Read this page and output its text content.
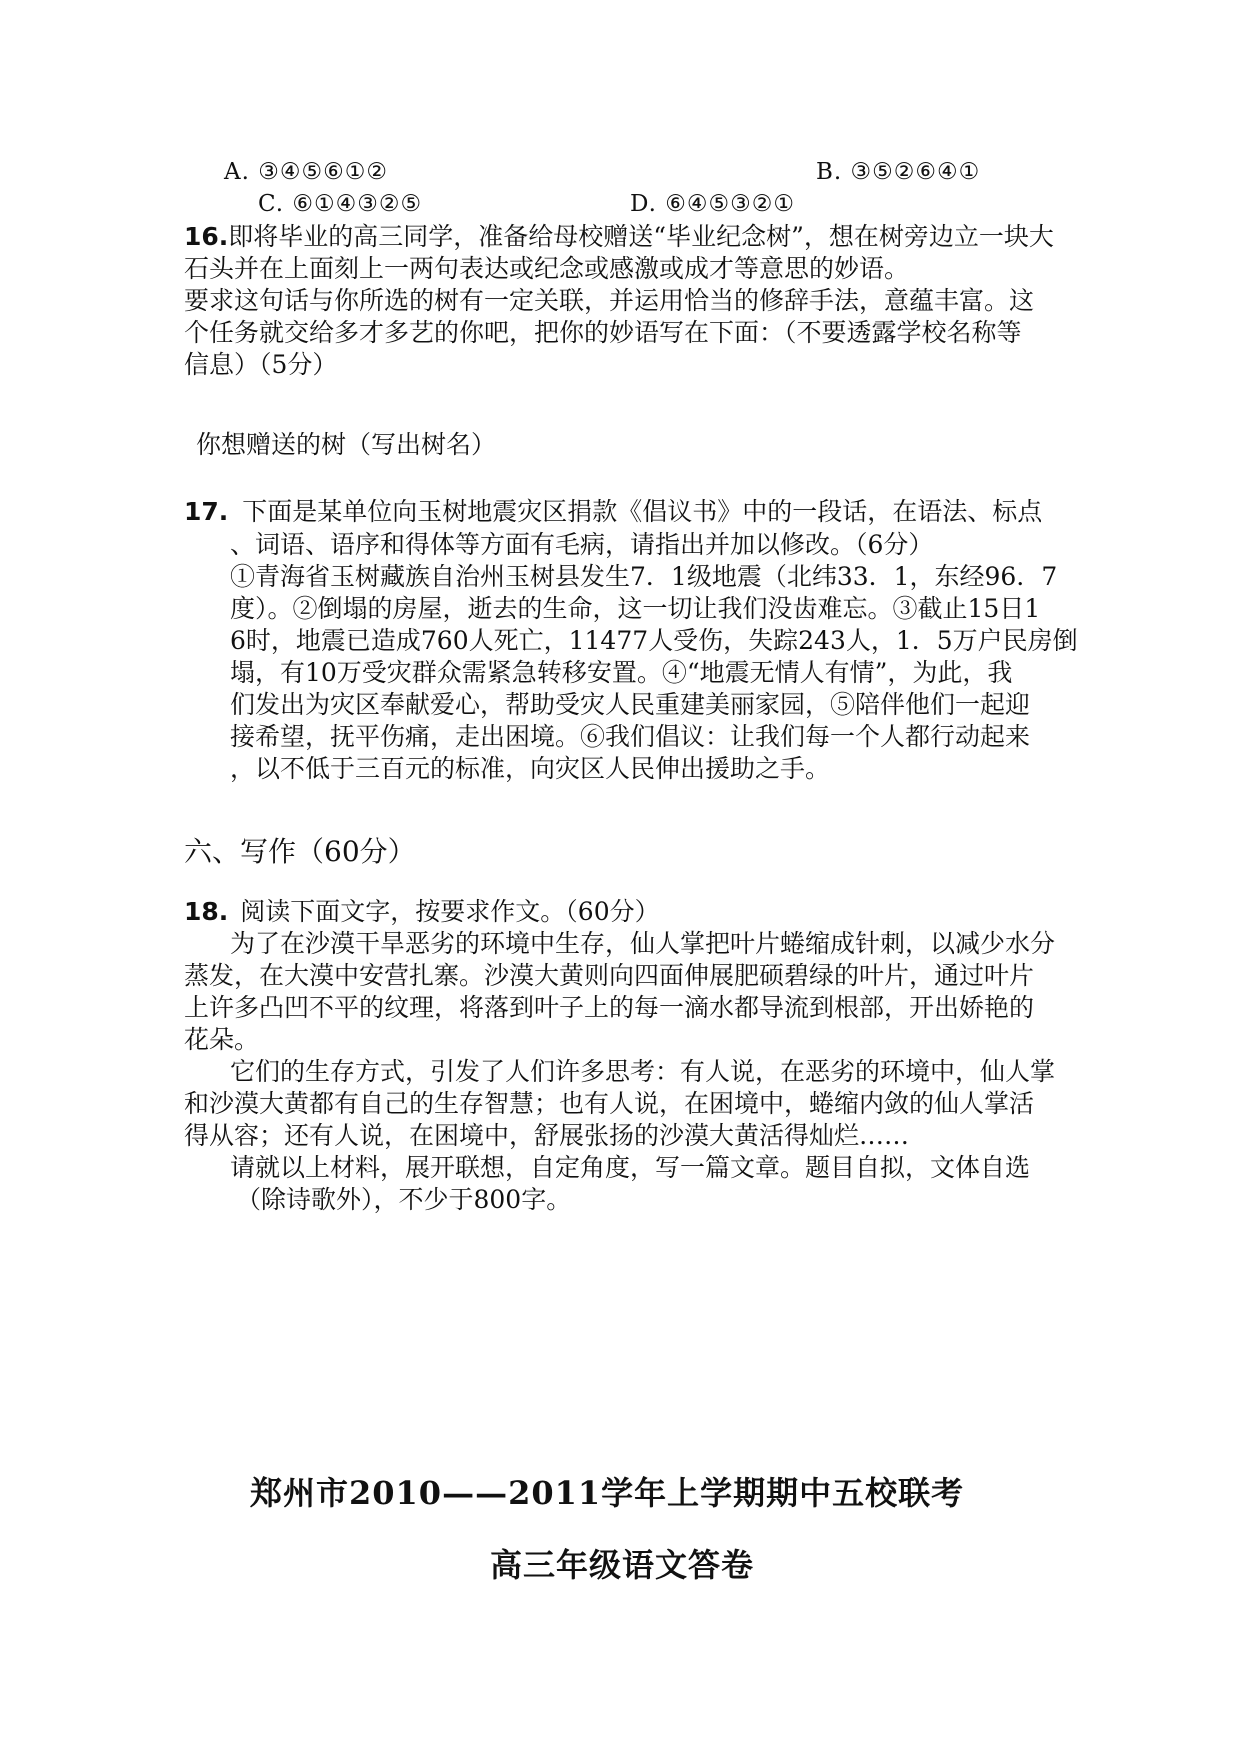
A. ③④⑤⑥①②	B. ③⑤②⑥④①
C. ⑥①④③②⑤	D. ⑥④⑤③②①
16.即将毕业的高三同学，准备给母校赠送“毕业纪念树”，想在树旁边立一块大
石头并在上面刻上一两句表达或纪念或感激或成才等意思的妙语。
要求这句话与你所选的树有一定关联，并运用恰当的修辞手法，意蕴丰富。这
个任务就交给多才多艺的你吧，把你的妙语写在下面：（不要透露学校名称等
信息）（5分）
你想赠送的树（写出树名）
17. 下面是某单位向玉树地震灾区捐款《倡议书》中的一段话，在语法、标点
、词语、语序和得体等方面有毛病，请指出并加以修改。（6分）
①青海省玉树藏族自治州玉树县发生7．1级地震（北纬33．1，东经96．7
度）。②倒塌的房屋，逝去的生命，这一切让我们没齿难忘。③截止15日1
6时，地震已造成760人死亡，11477人受伤，失踪243人，1．5万户民房倒
塌，有10万受灾群众需紧急转移安置。④“地震无情人有情”，为此，我
们发出为灾区奉献爱心，帮助受灾人民重建美丽家园，⑤陪伴他们一起迎
接希望，抚平伤痛，走出困境。⑥我们倡议：让我们每一个人都行动起来
，以不低于三百元的标准，向灾区人民伸出援助之手。
六、写作（60分）
18. 阅读下面文字，按要求作文。（60分）
为了在沙漠干旱恶劣的环境中生存，仙人掌把叶片蜷缩成针刺，以减少水分
蒸发，在大漠中安营扎寨。沙漠大黄则向四面伸展肥硕碧绿的叶片，通过叶片
上许多凸凹不平的纹理，将落到叶子上的每一滴水都导流到根部，开出娇艳的
花朵。
它们的生存方式，引发了人们许多思考：有人说，在恶劣的环境中，仙人掌
和沙漠大黄都有自己的生存智慧；也有人说，在困境中，蜷缩内敛的仙人掌活
得从容；还有人说，在困境中，舒展张扬的沙漠大黄活得灿烂……
请就以上材料，展开联想，自定角度，写一篇文章。题目自拟，文体自选
（除诗歌外），不少于800字。
郑州市2010——2011学年上学期期中五校联考
高三年级语文答卷
